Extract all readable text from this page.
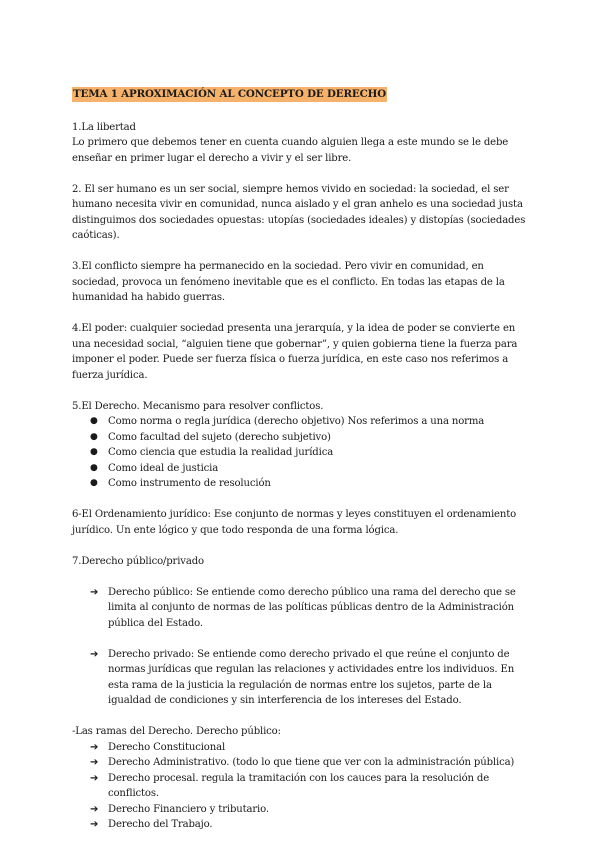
TEMA 1 APROXIMACIÓN AL CONCEPTO DE DERECHO

1.La libertad

Lo primero que debemos tener en cuenta cuando alguien llega a este mundo se le debe enseñar en primer lugar el derecho a vivir y el ser libre.

2. El ser humano es un ser social, siempre hemos vivido en sociedad: la sociedad, el ser humano necesita vivir en comunidad, nunca aislado y el gran anhelo es una sociedad justa distinguimos dos sociedades opuestas: utopías (sociedades ideales) y distopías (sociedades caóticas).

3.El conflicto siempre ha permanecido en la sociedad. Pero vivir en comunidad, en sociedad, provoca un fenómeno inevitable que es el conflicto. En todas las etapas de la humanidad ha habido guerras.

4.El poder: cualquier sociedad presenta una jerarquía, y la idea de poder se convierte en una necesidad social, “alguien tiene que gobernar”, y quien gobierna tiene la fuerza para imponer el poder. Puede ser fuerza física o fuerza jurídica, en este caso nos referimos a fuerza jurídica.

5.El Derecho. Mecanismo para resolver conflictos.

● Como norma o regla jurídica (derecho objetivo) Nos referimos a una norma
● Como facultad del sujeto (derecho subjetivo)
● Como ciencia que estudia la realidad jurídica
● Como ideal de justicia
● Como instrumento de resolución

6-El Ordenamiento jurídico: Ese conjunto de normas y leyes constituyen el ordenamiento jurídico. Un ente lógico y que todo responda de una forma lógica.

7.Derecho público/privado

➔ Derecho público: Se entiende como derecho público una rama del derecho que se limita al conjunto de normas de las políticas públicas dentro de la Administración pública del Estado.
➔ Derecho privado: Se entiende como derecho privado el que reúne el conjunto de normas jurídicas que regulan las relaciones y actividades entre los individuos. En esta rama de la justicia la regulación de normas entre los sujetos, parte de la igualdad de condiciones y sin interferencia de los intereses del Estado.

-Las ramas del Derecho. Derecho público:

➔ Derecho Constitucional
➔ Derecho Administrativo. (todo lo que tiene que ver con la administración pública)
➔ Derecho procesal. regula la tramitación con los cauces para la resolución de conflictos.
➔ Derecho Financiero y tributario.
➔ Derecho del Trabajo.
